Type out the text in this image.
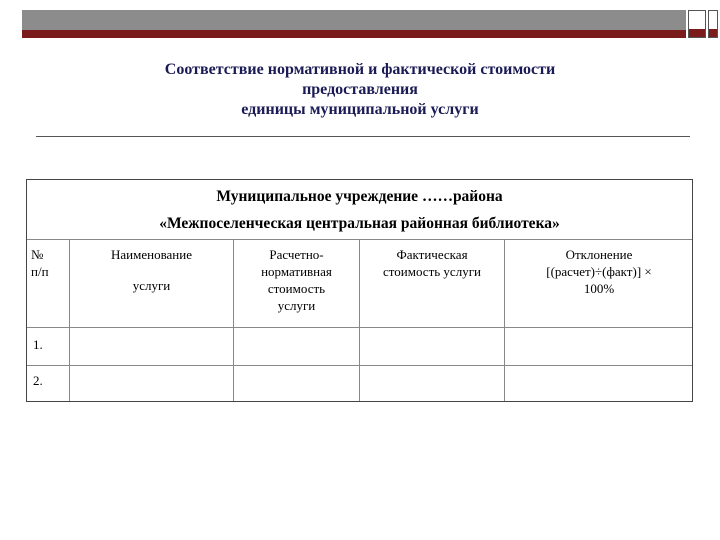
Соответствие нормативной и фактической стоимости
предоставления
единицы муниципальной услуги
Муниципальное учреждение ……района
«Межпоселенческая центральная районная библиотека»
№
п/п
Наименование
услуги
Расчетно-
нормативная
стоимость
услуги
Фактическая
стоимость услуги
Отклонение
[(расчет)÷(факт)] ×
100%
1.
2.
